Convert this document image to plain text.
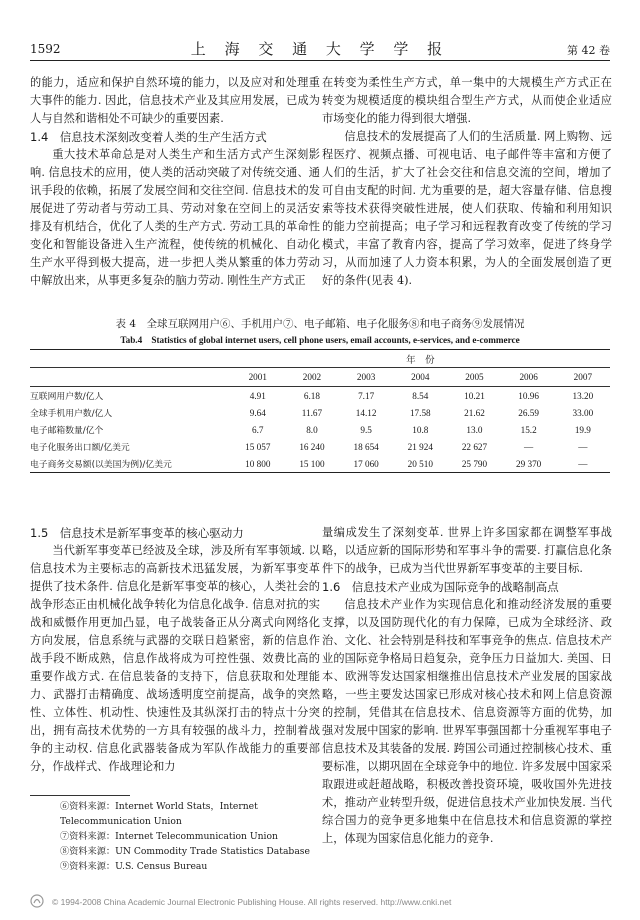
1592	上 海 交 通 大 学 学 报	第 42 卷

的能力，适应和保护自然环境的能力，以及应对和处理重大事件的能力. 因此，信息技术产业及其应用发展，已成为人与自然和谐相处不可缺少的重要因素.

1.4　 信息技术深刻改变着人类的生产生活方式

重大技术革命总是对人类生产和生活方式产生深刻影响. 信息技术的应用，使人类的活动突破了对传统交通、通讯手段的依赖，拓展了发展空间和交往空间. 信息技术的发展促进了劳动者与劳动工具、劳动对象在空间上的灵活安排及有机结合，优化了人类的生产方式. 劳动工具的革命性变化和智能设备进入生产流程，使传统的机械化、自动化生产水平得到极大提高，进一步把人类从繁重的体力劳动中解放出来，从事更多复杂的脑力劳动. 刚性生产方式正

在转变为柔性生产方式，单一集中的大规模生产方式正在转变为规模适度的模块组合型生产方式，从而使企业适应市场变化的能力得到很大增强.

信息技术的发展提高了人们的生活质量. 网上购物、远程医疗、视频点播、可视电话、电子邮件等丰富和方便了人们的生活，扩大了社会交往和信息交流的空间，增加了可自由支配的时间. 尤为重要的是，超大容量存储、信息搜索等技术获得突破性进展，使人们获取、传输和利用知识的能力空前提高；电子学习和远程教育改变了传统的学习模式，丰富了教育内容，提高了学习效率，促进了终身学习，从而加速了人力资本积累，为人的全面发展创造了更好的条件(见表 4).

表 4　全球互联网用户⑥、手机用户⑦、电子邮箱、电子化服务⑧和电子商务⑨发展情况
Tab.4　Statistics of global internet users, cell phone users, email accounts, e-services, and e-commerce
	年　份						
	2001	2002	2003	2004	2005	2006	2007
互联网用户数/亿人	4.91	6.18	7.17	8.54	10.21	10.96	13.20
全球手机用户数/亿人	9.64	11.67	14.12	17.58	21.62	26.59	33.00
电子邮箱数量/亿个	6.7	8.0	9.5	10.8	13.0	15.2	19.9
电子化服务出口额/亿美元	15 057	16 240	18 654	21 924	22 627	—	—
电子商务交易额(以美国为例)/亿美元	10 800	15 100	17 060	20 510	25 790	29 370	—

1.5　 信息技术是新军事变革的核心驱动力

当代新军事变革已经波及全球，涉及所有军事领域. 以信息技术为主要标志的高新技术迅猛发展，为新军事变革提供了技术条件. 信息化是新军事变革的核心，人类社会的战争形态正由机械化战争转化为信息化战争. 信息对抗的实战和威慑作用更加凸显，电子战装备正从分离式向网络化方向发展，信息系统与武器的交联日趋紧密，新的信息作战手段不断成熟，信息作战将成为可控性强、效费比高的重要作战方式. 在信息装备的支持下，信息获取和处理能力、武器打击精确度、战场透明度空前提高，战争的突然性、立体性、机动性、快速性及其纵深打击的特点十分突出，拥有高技术优势的一方具有较强的战斗力，控制着战争的主动权. 信息化武器装备成为军队作战能力的重要部分，作战样式、作战理论和力

量编成发生了深刻变革. 世界上许多国家都在调整军事战略，以适应新的国际形势和军事斗争的需要. 打赢信息化条件下的战争，已成为当代世界新军事变革的主要目标.

1.6　 信息技术产业成为国际竞争的战略制高点

信息技术产业作为实现信息化和推动经济发展的重要支撑，以及国防现代化的有力保障，已成为全球经济、政治、文化、社会特别是科技和军事竞争的焦点. 信息技术产业的国际竞争格局日趋复杂，竞争压力日益加大. 美国、日本、欧洲等发达国家相继推出信息技术产业发展的国家战略，一些主要发达国家已形成对核心技术和网上信息资源的控制，凭借其在信息技术、信息资源等方面的优势，加强对发展中国家的影响. 世界军事强国都十分重视军事电子信息技术及其装备的发展. 跨国公司通过控制核心技术、重要标准，以期巩固在全球竞争中的地位. 许多发展中国家采取跟进或赶超战略，积极改善投资环境，吸收国外先进技术，推动产业转型升级，促进信息技术产业加快发展. 当代综合国力的竞争更多地集中在信息技术和信息资源的掌控上，体现为国家信息化能力的竞争.

⑥资料来源：Internet World Stats，Internet Telecommunication Union
⑦资料来源：Internet Telecommunication Union
⑧资料来源：UN Commodity Trade Statistics Database
⑨资料来源：U.S. Census Bureau
© 1994-2008 China Academic Journal Electronic Publishing House. All rights reserved. http://www.cnki.net
